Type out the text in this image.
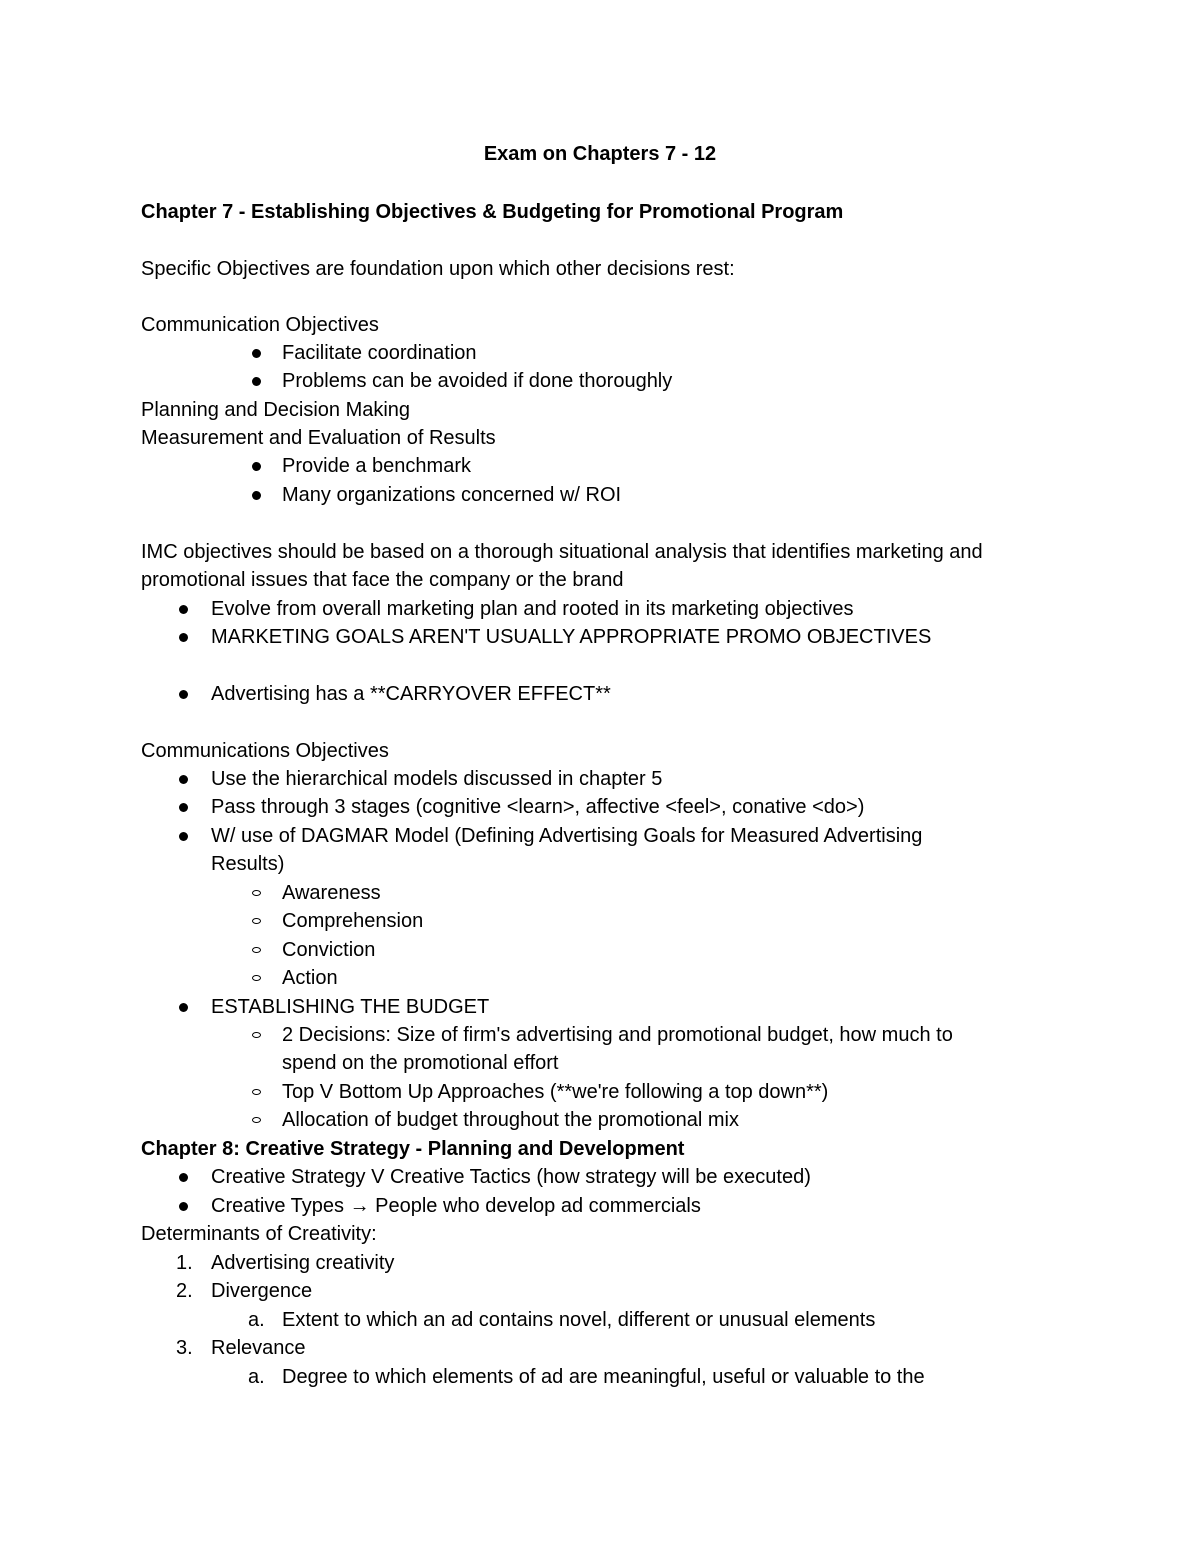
Exam on Chapters 7 - 12
Chapter 7 - Establishing Objectives & Budgeting for Promotional Program
Specific Objectives are foundation upon which other decisions rest:
Communication Objectives
Facilitate coordination
Problems can be avoided if done thoroughly
Planning and Decision Making
Measurement and Evaluation of Results
Provide a benchmark
Many organizations concerned w/ ROI
IMC objectives should be based on a thorough situational analysis that identifies marketing and
promotional issues that face the company or the brand
Evolve from overall marketing plan and rooted in its marketing objectives
MARKETING GOALS AREN'T USUALLY APPROPRIATE PROMO OBJECTIVES
Advertising has a **CARRYOVER EFFECT**
Communications Objectives
Use the hierarchical models discussed in chapter 5
Pass through 3 stages (cognitive <learn>, affective <feel>, conative <do>)
W/ use of DAGMAR Model (Defining Advertising Goals for Measured Advertising
Results)
Awareness
Comprehension
Conviction
Action
ESTABLISHING THE BUDGET
2 Decisions: Size of firm's advertising and promotional budget, how much to
spend on the promotional effort
Top V Bottom Up Approaches (**we're following a top down**)
Allocation of budget throughout the promotional mix
Chapter 8: Creative Strategy - Planning and Development
Creative Strategy V Creative Tactics (how strategy will be executed)
Creative Types → People who develop ad commercials
Determinants of Creativity:
1. Advertising creativity
2. Divergence
a. Extent to which an ad contains novel, different or unusual elements
3. Relevance
a. Degree to which elements of ad are meaningful, useful or valuable to the
